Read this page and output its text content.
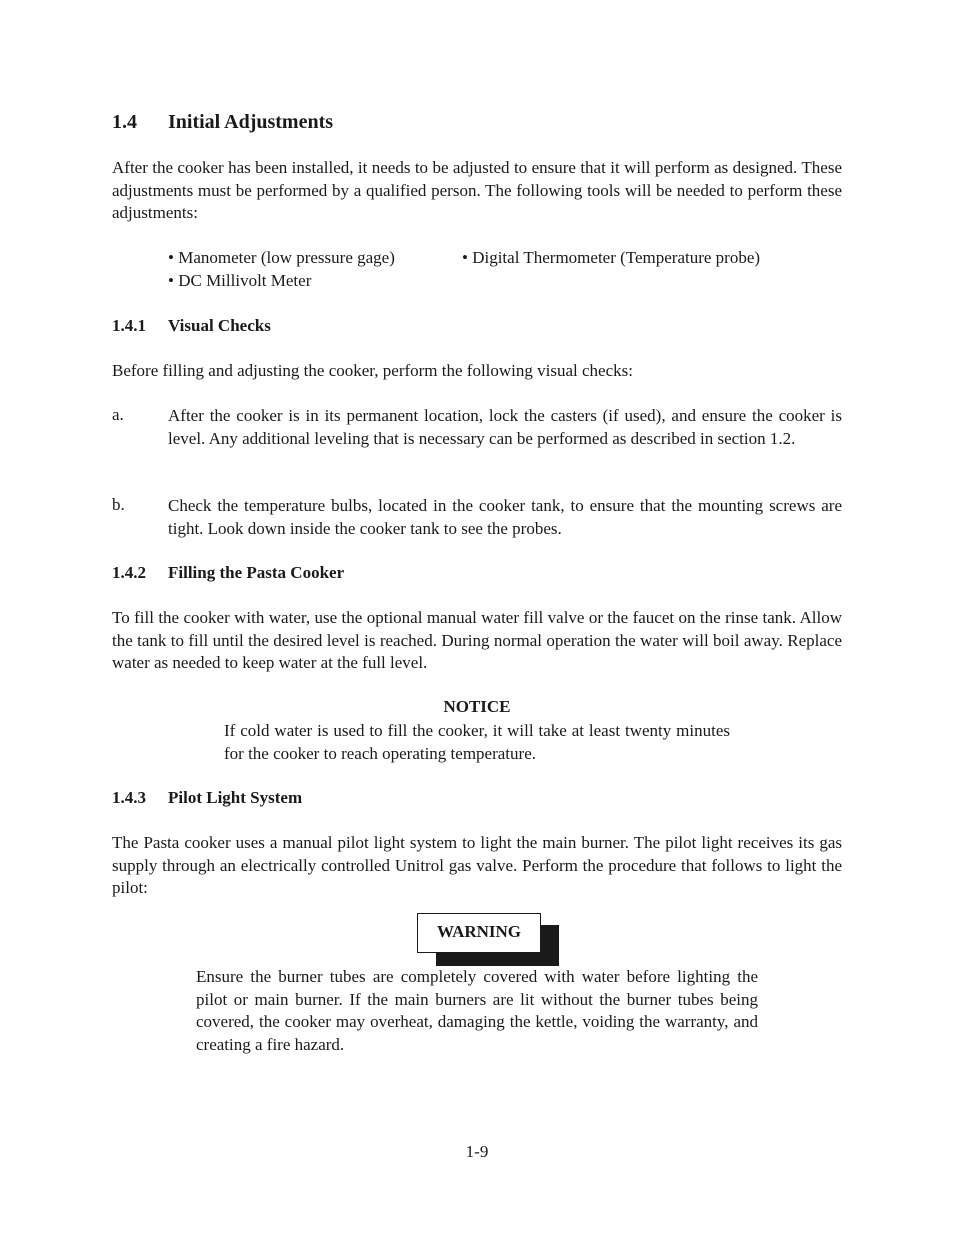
1.4 Initial Adjustments
After the cooker has been installed, it needs to be adjusted to ensure that it will perform as designed. These adjustments must be performed by a qualified person. The following tools will be needed to perform these adjustments:
• Manometer (low pressure gage)
•	Digital Thermometer (Temperature probe)
• DC Millivolt Meter
1.4.1 Visual Checks
Before filling and adjusting the cooker, perform the following visual checks:
a.	After the cooker is in its permanent location, lock the casters (if used), and ensure the cooker is level. Any additional leveling that is necessary can be performed as described in section 1.2.
b.	Check the temperature bulbs, located in the cooker tank, to ensure that the mounting screws are tight. Look down inside the cooker tank to see the probes.
1.4.2 Filling the Pasta Cooker
To fill the cooker with water, use the optional manual water fill valve or the faucet on the rinse tank. Allow the tank to fill until the desired level is reached. During normal operation the water will boil away. Replace water as needed to keep water at the full level.
NOTICE
If cold water is used to fill the cooker, it will take at least twenty minutes for the cooker to reach operating temperature.
1.4.3 Pilot Light System
The Pasta cooker uses a manual pilot light system to light the main burner. The pilot light receives its gas supply through an electrically controlled Unitrol gas valve. Perform the procedure that follows to light the pilot:
WARNING
Ensure the burner tubes are completely covered with water before lighting the pilot or main burner. If the main burners are lit without the burner tubes being covered, the cooker may overheat, damaging the kettle, voiding the warranty, and creating a fire hazard.
1-9
